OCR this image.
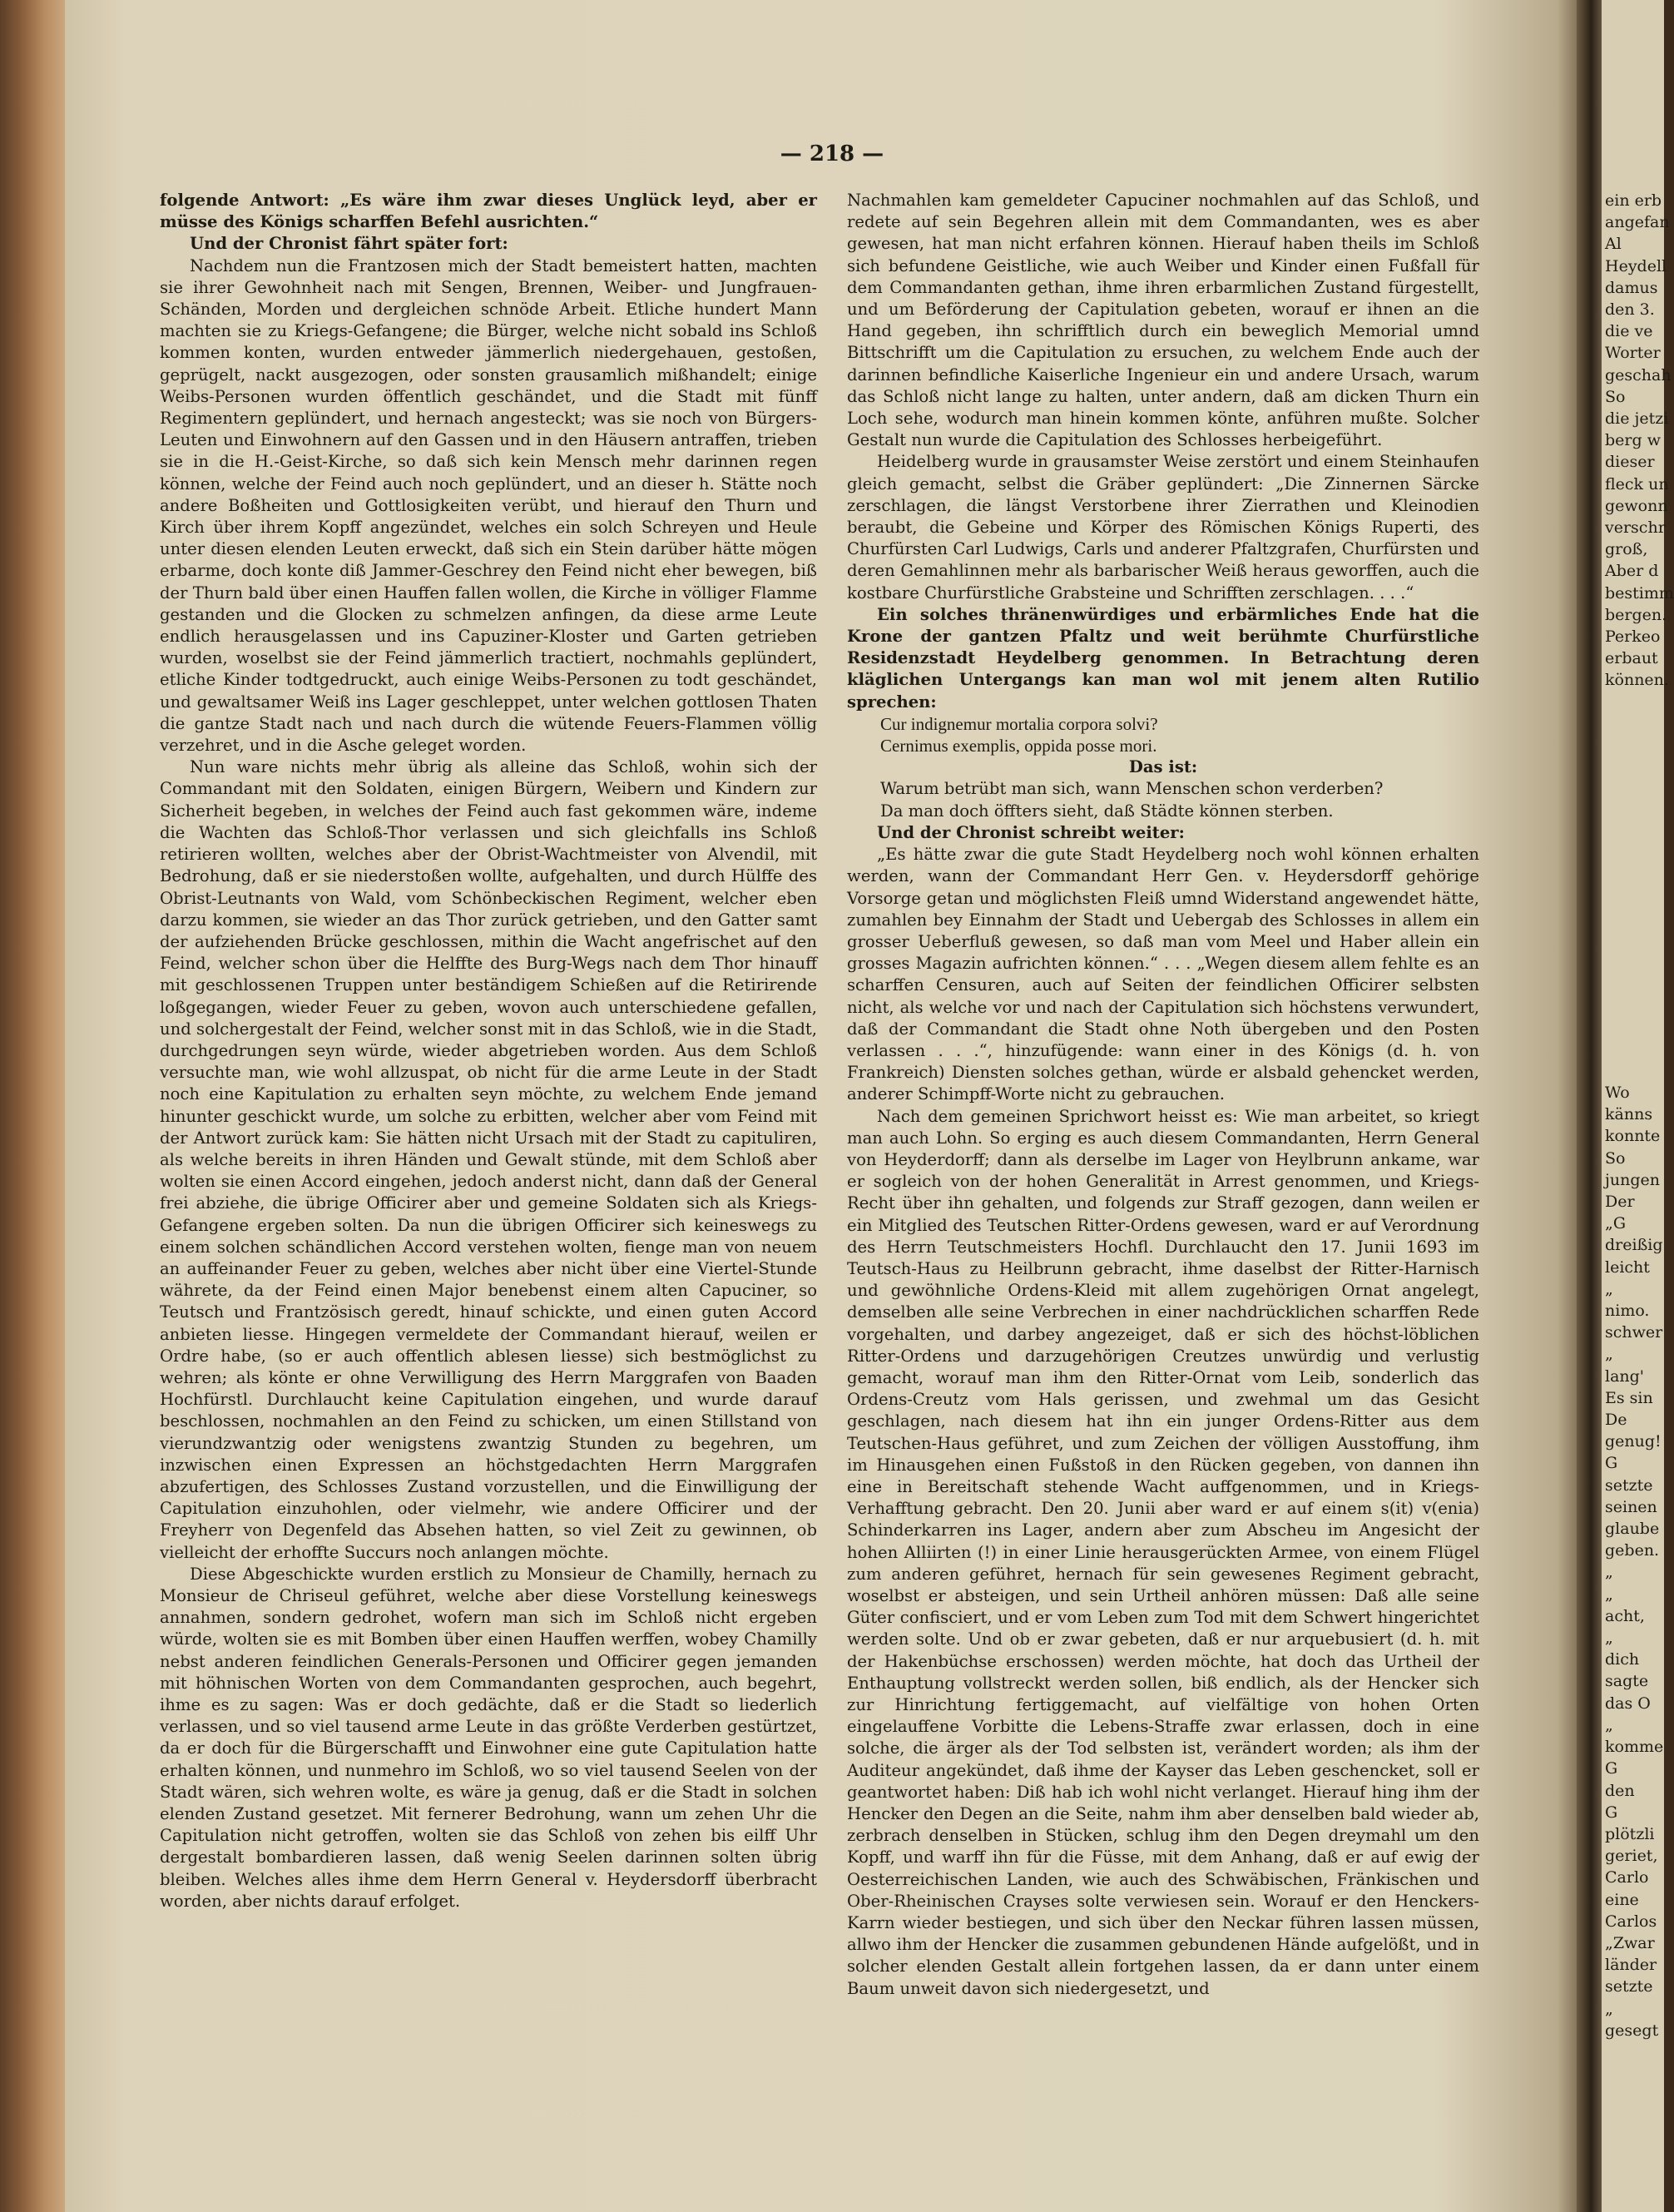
— 218 —

folgende Antwort: „Es wäre ihm zwar dieses Unglück leyd, aber er müsse des Königs scharffen Befehl ausrichten.“

Und der Chronist fährt später fort:

Nachdem nun die Frantzosen mich der Stadt bemeistert hatten, machten sie ihrer Gewohnheit nach mit Sengen, Brennen, Weiber- und Jungfrauen-Schänden, Morden und dergleichen schnöde Arbeit. Etliche hundert Mann machten sie zu Kriegs-Gefangene; die Bürger, welche nicht sobald ins Schloß kommen konten, wurden entweder jämmerlich niedergehauen, gestoßen, geprügelt, nackt ausgezogen, oder sonsten grausamlich mißhandelt; einige Weibs-Personen wurden öffentlich geschändet, und die Stadt mit fünff Regimentern geplündert, und hernach angesteckt; was sie noch von Bürgers-Leuten und Einwohnern auf den Gassen und in den Häusern antraffen, trieben sie in die H.-Geist-Kirche, so daß sich kein Mensch mehr darinnen regen können, welche der Feind auch noch geplündert, und an dieser h. Stätte noch andere Boßheiten und Gottlosigkeiten verübt, und hierauf den Thurn und Kirch über ihrem Kopff angezündet, welches ein solch Schreyen und Heule unter diesen elenden Leuten erweckt, daß sich ein Stein darüber hätte mögen erbarme, doch konte diß Jammer-Geschrey den Feind nicht eher bewegen, biß der Thurn bald über einen Hauffen fallen wollen, die Kirche in völliger Flamme gestanden und die Glocken zu schmelzen anfingen, da diese arme Leute endlich herausgelassen und ins Capuziner-Kloster und Garten getrieben wurden, woselbst sie der Feind jämmerlich tractiert, nochmahls geplündert, etliche Kinder todtgedruckt, auch einige Weibs-Personen zu todt geschändet, und gewaltsamer Weiß ins Lager geschleppet, unter welchen gottlosen Thaten die gantze Stadt nach und nach durch die wütende Feuers-Flammen völlig verzehret, und in die Asche geleget worden.

Nun ware nichts mehr übrig als alleine das Schloß, wohin sich der Commandant mit den Soldaten, einigen Bürgern, Weibern und Kindern zur Sicherheit begeben, in welches der Feind auch fast gekommen wäre, indeme die Wachten das Schloß-Thor verlassen und sich gleichfalls ins Schloß retirieren wollten, welches aber der Obrist-Wachtmeister von Alvendil, mit Bedrohung, daß er sie niederstoßen wollte, aufgehalten, und durch Hülffe des Obrist-Leutnants von Wald, vom Schönbeckischen Regiment, welcher eben darzu kommen, sie wieder an das Thor zurück getrieben, und den Gatter samt der aufziehenden Brücke geschlossen, mithin die Wacht angefrischet auf den Feind, welcher schon über die Helffte des Burg-Wegs nach dem Thor hinauff mit geschlossenen Truppen unter beständigem Schießen auf die Retirirende loßgegangen, wieder Feuer zu geben, wovon auch unterschiedene gefallen, und solchergestalt der Feind, welcher sonst mit in das Schloß, wie in die Stadt, durchgedrungen seyn würde, wieder abgetrieben worden. Aus dem Schloß versuchte man, wie wohl allzuspat, ob nicht für die arme Leute in der Stadt noch eine Kapitulation zu erhalten seyn möchte, zu welchem Ende jemand hinunter geschickt wurde, um solche zu erbitten, welcher aber vom Feind mit der Antwort zurück kam: Sie hätten nicht Ursach mit der Stadt zu capituliren, als welche bereits in ihren Händen und Gewalt stünde, mit dem Schloß aber wolten sie einen Accord eingehen, jedoch anderst nicht, dann daß der General frei abziehe, die übrige Officirer aber und gemeine Soldaten sich als Kriegs-Gefangene ergeben solten. Da nun die übrigen Officirer sich keineswegs zu einem solchen schändlichen Accord verstehen wolten, fienge man von neuem an auffeinander Feuer zu geben, welches aber nicht über eine Viertel-Stunde währete, da der Feind einen Major benebenst einem alten Capuciner, so Teutsch und Frantzösisch geredt, hinauf schickte, und einen guten Accord anbieten liesse. Hingegen vermeldete der Commandant hierauf, weilen er Ordre habe, (so er auch offentlich ablesen liesse) sich bestmöglichst zu wehren; als könte er ohne Verwilligung des Herrn Marggrafen von Baaden Hochfürstl. Durchlaucht keine Capitulation eingehen, und wurde darauf beschlossen, nochmahlen an den Feind zu schicken, um einen Stillstand von vierundzwantzig oder wenigstens zwantzig Stunden zu begehren, um inzwischen einen Expressen an höchstgedachten Herrn Marggrafen abzufertigen, des Schlosses Zustand vorzustellen, und die Einwilligung der Capitulation einzuhohlen, oder vielmehr, wie andere Officirer und der Freyherr von Degenfeld das Absehen hatten, so viel Zeit zu gewinnen, ob vielleicht der erhoffte Succurs noch anlangen möchte.

Diese Abgeschickte wurden erstlich zu Monsieur de Chamilly, hernach zu Monsieur de Chriseul geführet, welche aber diese Vorstellung keineswegs annahmen, sondern gedrohet, wofern man sich im Schloß nicht ergeben würde, wolten sie es mit Bomben über einen Hauffen werffen, wobey Chamilly nebst anderen feindlichen Generals-Personen und Officirer gegen jemanden mit höhnischen Worten von dem Commandanten gesprochen, auch begehrt, ihme es zu sagen: Was er doch gedächte, daß er die Stadt so liederlich verlassen, und so viel tausend arme Leute in das größte Verderben gestürtzet, da er doch für die Bürgerschafft und Einwohner eine gute Capitulation hatte erhalten können, und nunmehro im Schloß, wo so viel tausend Seelen von der Stadt wären, sich wehren wolte, es wäre ja genug, daß er die Stadt in solchen elenden Zustand gesetzet. Mit fernerer Bedrohung, wann um zehen Uhr die Capitulation nicht getroffen, wolten sie das Schloß von zehen bis eilff Uhr dergestalt bombardieren lassen, daß wenig Seelen darinnen solten übrig bleiben. Welches alles ihme dem Herrn General v. Heydersdorff überbracht worden, aber nichts darauf erfolget.

Nachmahlen kam gemeldeter Capuciner nochmahlen auf das Schloß, und redete auf sein Begehren allein mit dem Commandanten, wes es aber gewesen, hat man nicht erfahren können. Hierauf haben theils im Schloß sich befundene Geistliche, wie auch Weiber und Kinder einen Fußfall für dem Commandanten gethan, ihme ihren erbarmlichen Zustand fürgestellt, und um Beförderung der Capitulation gebeten, worauf er ihnen an die Hand gegeben, ihn schrifftlich durch ein beweglich Memorial umnd Bittschrifft um die Capitulation zu ersuchen, zu welchem Ende auch der darinnen befindliche Kaiserliche Ingenieur ein und andere Ursach, warum das Schloß nicht lange zu halten, unter andern, daß am dicken Thurn ein Loch sehe, wodurch man hinein kommen könte, anführen mußte. Solcher Gestalt nun wurde die Capitulation des Schlosses herbeigeführt.

Heidelberg wurde in grausamster Weise zerstört und einem Steinhaufen gleich gemacht, selbst die Gräber geplündert: „Die Zinnernen Särcke zerschlagen, die längst Verstorbene ihrer Zierrathen und Kleinodien beraubt, die Gebeine und Körper des Römischen Königs Ruperti, des Churfürsten Carl Ludwigs, Carls und anderer Pfaltzgrafen, Churfürsten und deren Gemahlinnen mehr als barbarischer Weiß heraus geworffen, auch die kostbare Churfürstliche Grabsteine und Schrifften zerschlagen. . . .“

Ein solches thränenwürdiges und erbärmliches Ende hat die Krone der gantzen Pfaltz und weit berühmte Churfürstliche Residenzstadt Heydelberg genommen. In Betrachtung deren kläglichen Untergangs kan man wol mit jenem alten Rutilio sprechen:

Cur indignemur mortalia corpora solvi?

Cernimus exemplis, oppida posse mori.

Das ist:

Warum betrübt man sich, wann Menschen schon verderben?

Da man doch öffters sieht, daß Städte können sterben.

Und der Chronist schreibt weiter:

„Es hätte zwar die gute Stadt Heydelberg noch wohl können erhalten werden, wann der Commandant Herr Gen. v. Heydersdorff gehörige Vorsorge getan und möglichsten Fleiß umnd Widerstand angewendet hätte, zumahlen bey Einnahm der Stadt und Uebergab des Schlosses in allem ein grosser Ueberfluß gewesen, so daß man vom Meel und Haber allein ein grosses Magazin aufrichten können.“ . . . „Wegen diesem allem fehlte es an scharffen Censuren, auch auf Seiten der feindlichen Officirer selbsten nicht, als welche vor und nach der Capitulation sich höchstens verwundert, daß der Commandant die Stadt ohne Noth übergeben und den Posten verlassen . . .“, hinzufügende: wann einer in des Königs (d. h. von Frankreich) Diensten solches gethan, würde er alsbald gehencket werden, anderer Schimpff-Worte nicht zu gebrauchen.

Nach dem gemeinen Sprichwort heisst es: Wie man arbeitet, so kriegt man auch Lohn. So erging es auch diesem Commandanten, Herrn General von Heyderdorff; dann als derselbe im Lager von Heylbrunn ankame, war er sogleich von der hohen Generalität in Arrest genommen, und Kriegs-Recht über ihn gehalten, und folgends zur Straff gezogen, dann weilen er ein Mitglied des Teutschen Ritter-Ordens gewesen, ward er auf Verordnung des Herrn Teutschmeisters Hochfl. Durchlaucht den 17. Junii 1693 im Teutsch-Haus zu Heilbrunn gebracht, ihme daselbst der Ritter-Harnisch und gewöhnliche Ordens-Kleid mit allem zugehörigen Ornat angelegt, demselben alle seine Verbrechen in einer nachdrücklichen scharffen Rede vorgehalten, und darbey angezeiget, daß er sich des höchst-löblichen Ritter-Ordens und darzugehörigen Creutzes unwürdig und verlustig gemacht, worauf man ihm den Ritter-Ornat vom Leib, sonderlich das Ordens-Creutz vom Hals gerissen, und zwehmal um das Gesicht geschlagen, nach diesem hat ihn ein junger Ordens-Ritter aus dem Teutschen-Haus geführet, und zum Zeichen der völligen Ausstoffung, ihm im Hinausgehen einen Fußstoß in den Rücken gegeben, von dannen ihn eine in Bereitschaft stehende Wacht auffgenommen, und in Kriegs-Verhafftung gebracht. Den 20. Junii aber ward er auf einem s(it) v(enia) Schinderkarren ins Lager, andern aber zum Abscheu im Angesicht der hohen Alliirten (!) in einer Linie herausgerückten Armee, von einem Flügel zum anderen geführet, hernach für sein gewesenes Regiment gebracht, woselbst er absteigen, und sein Urtheil anhören müssen: Daß alle seine Güter confisciert, und er vom Leben zum Tod mit dem Schwert hingerichtet werden solte. Und ob er zwar gebeten, daß er nur arquebusiert (d. h. mit der Hakenbüchse erschossen) werden möchte, hat doch das Urtheil der Enthauptung vollstreckt werden sollen, biß endlich, als der Hencker sich zur Hinrichtung fertiggemacht, auf vielfältige von hohen Orten eingelauffene Vorbitte die Lebens-Straffe zwar erlassen, doch in eine solche, die ärger als der Tod selbsten ist, verändert worden; als ihm der Auditeur angekündet, daß ihme der Kayser das Leben geschencket, soll er geantwortet haben: Diß hab ich wohl nicht verlanget. Hierauf hing ihm der Hencker den Degen an die Seite, nahm ihm aber denselben bald wieder ab, zerbrach denselben in Stücken, schlug ihm den Degen dreymahl um den Kopff, und warff ihn für die Füsse, mit dem Anhang, daß er auf ewig der Oesterreichischen Landen, wie auch des Schwäbischen, Fränkischen und Ober-Rheinischen Crayses solte verwiesen sein. Worauf er den Henckers-Karrn wieder bestiegen, und sich über den Neckar führen lassen müssen, allwo ihm der Hencker die zusammen gebundenen Hände aufgelößt, und in solcher elenden Gestalt allein fortgehen lassen, da er dann unter einem Baum unweit davon sich niedergesetzt, und

ein erb
angefan
Al
Heydell
damus
den 3.
die ve
Worter
geschah
So
die jetzi
berg w
dieser
fleck un
gewonn
verschr
groß,
Aber d
bestimm
bergen.
Perkeo
erbaut
können.
Wo
känns
konnte
So
jungen
Der
„G
dreißig
leicht
„
nimo.
schwer
„
lang'
Es sin
De
genug!
G
setzte
seinen
glaube
geben.
„
„
acht,
„
dich
sagte
das O
„
komme
G
den
G
plötzli
geriet,
Carlo
eine
Carlos
„Zwar
länder
setzte
„
gesegt
